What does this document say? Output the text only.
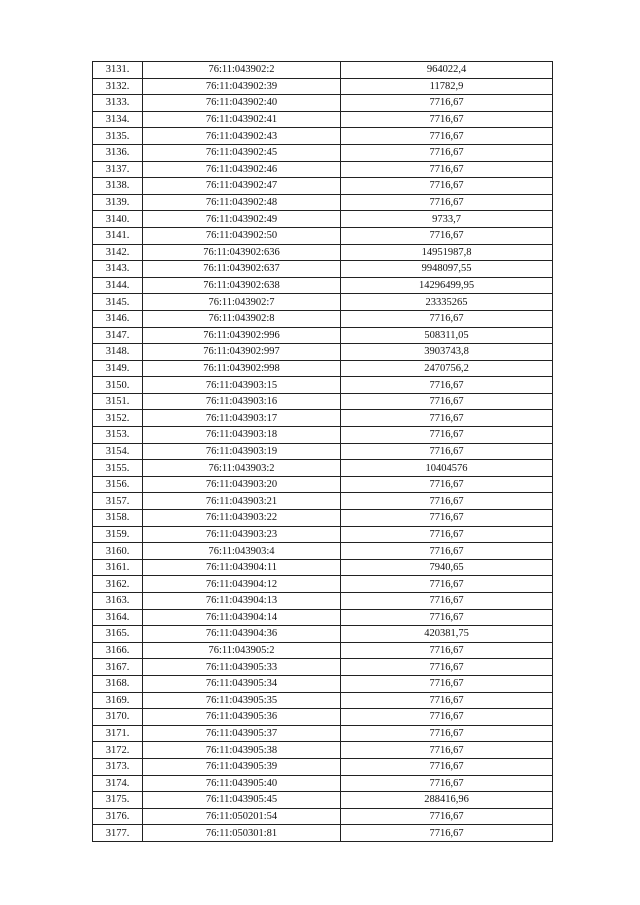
3131.	76:11:043902:2	964022,4
3132.	76:11:043902:39	11782,9
3133.	76:11:043902:40	7716,67
3134.	76:11:043902:41	7716,67
3135.	76:11:043902:43	7716,67
3136.	76:11:043902:45	7716,67
3137.	76:11:043902:46	7716,67
3138.	76:11:043902:47	7716,67
3139.	76:11:043902:48	7716,67
3140.	76:11:043902:49	9733,7
3141.	76:11:043902:50	7716,67
3142.	76:11:043902:636	14951987,8
3143.	76:11:043902:637	9948097,55
3144.	76:11:043902:638	14296499,95
3145.	76:11:043902:7	23335265
3146.	76:11:043902:8	7716,67
3147.	76:11:043902:996	508311,05
3148.	76:11:043902:997	3903743,8
3149.	76:11:043902:998	2470756,2
3150.	76:11:043903:15	7716,67
3151.	76:11:043903:16	7716,67
3152.	76:11:043903:17	7716,67
3153.	76:11:043903:18	7716,67
3154.	76:11:043903:19	7716,67
3155.	76:11:043903:2	10404576
3156.	76:11:043903:20	7716,67
3157.	76:11:043903:21	7716,67
3158.	76:11:043903:22	7716,67
3159.	76:11:043903:23	7716,67
3160.	76:11:043903:4	7716,67
3161.	76:11:043904:11	7940,65
3162.	76:11:043904:12	7716,67
3163.	76:11:043904:13	7716,67
3164.	76:11:043904:14	7716,67
3165.	76:11:043904:36	420381,75
3166.	76:11:043905:2	7716,67
3167.	76:11:043905:33	7716,67
3168.	76:11:043905:34	7716,67
3169.	76:11:043905:35	7716,67
3170.	76:11:043905:36	7716,67
3171.	76:11:043905:37	7716,67
3172.	76:11:043905:38	7716,67
3173.	76:11:043905:39	7716,67
3174.	76:11:043905:40	7716,67
3175.	76:11:043905:45	288416,96
3176.	76:11:050201:54	7716,67
3177.	76:11:050301:81	7716,67
